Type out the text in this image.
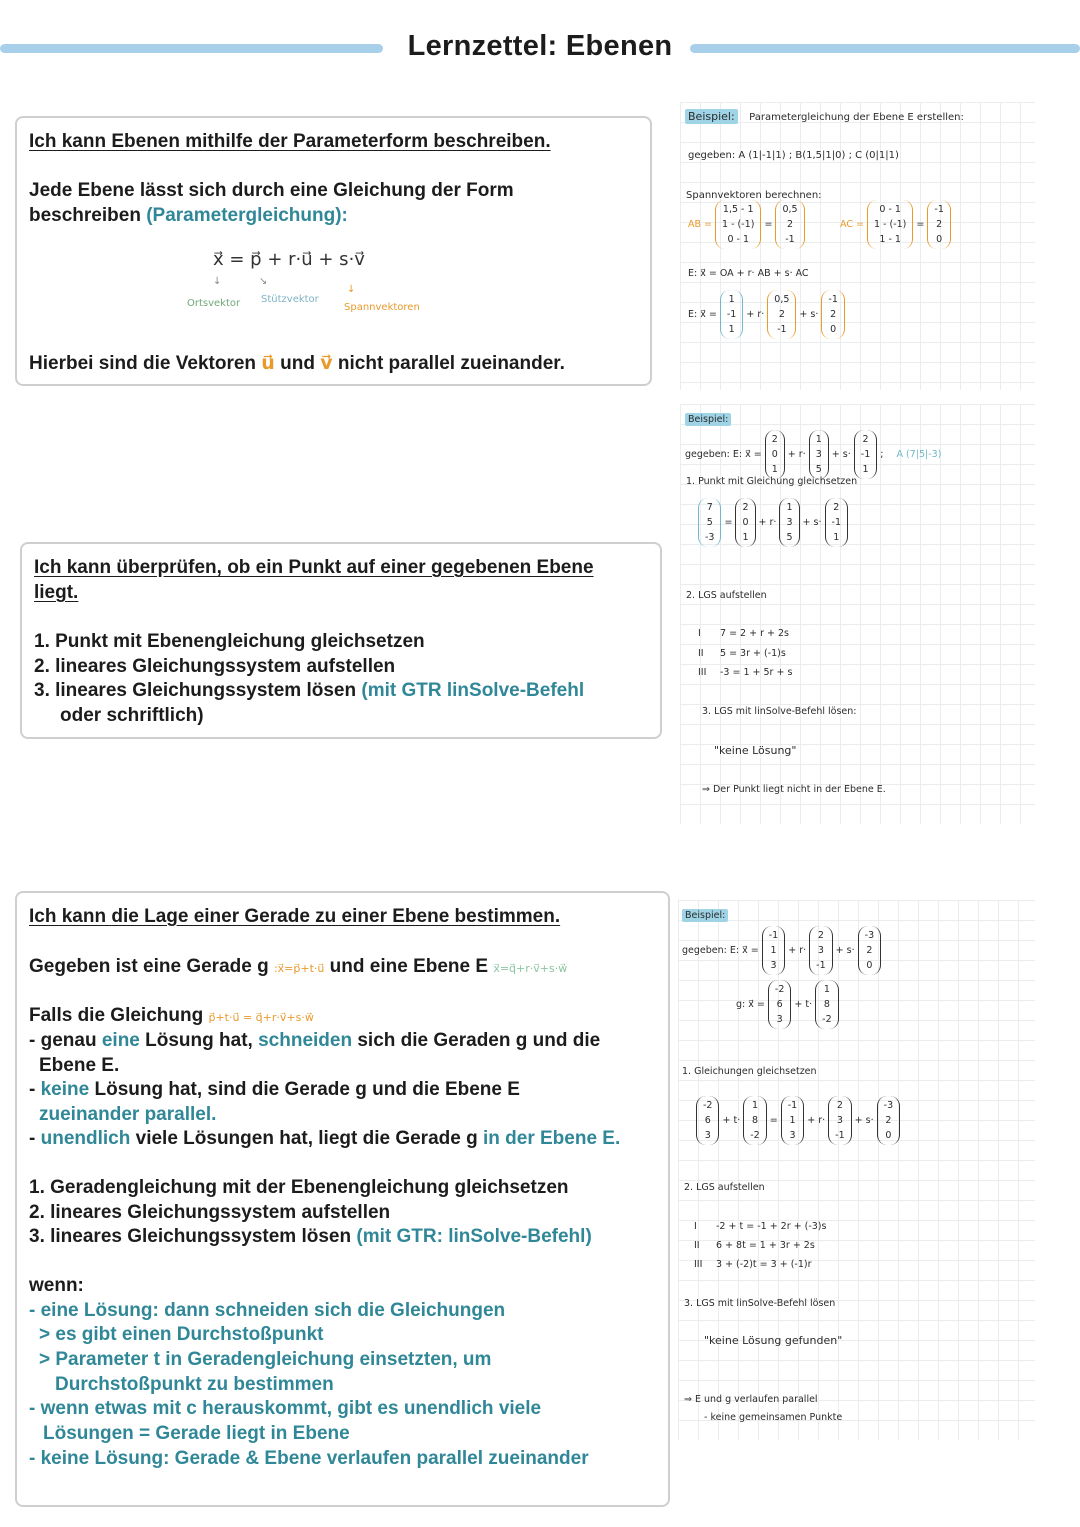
Lernzettel: Ebenen
Ich kann Ebenen mithilfe der Parameterform beschreiben.
Jede Ebene lässt sich durch eine Gleichung der Form
beschreiben (Parametergleichung):
x⃗ = p⃗ + r·u⃗ + s·v⃗
↓	↘
↓
Ortsvektor Stützvektor
Spannvektoren
Hierbei sind die Vektoren u⃗ und v⃗ nicht parallel zueinander.
Ich kann überprüfen, ob ein Punkt auf einer gegebenen Ebene
liegt.
1. Punkt mit Ebenengleichung gleichsetzen
2. lineares Gleichungssystem aufstellen
3. lineares Gleichungssystem lösen (mit GTR linSolve-Befehl
oder schriftlich)
Ich kann die Lage einer Gerade zu einer Ebene bestimmen.
Gegeben ist eine Gerade g :x⃗=p⃗+t·u⃗ und eine Ebene E x⃗=q⃗+r·v⃗+s·w⃗
Falls die Gleichung p⃗+t·u⃗ = q⃗+r·v⃗+s·w⃗
- genau eine Lösung hat, schneiden sich die Geraden g und die
Ebene E.
- keine Lösung hat, sind die Gerade g und die Ebene E
zueinander parallel.
- unendlich viele Lösungen hat, liegt die Gerade g in der Ebene E.
1. Geradengleichung mit der Ebenengleichung gleichsetzen
2. lineares Gleichungssystem aufstellen
3. lineares Gleichungssystem lösen (mit GTR: linSolve-Befehl)
wenn:
- eine Lösung: dann schneiden sich die Gleichungen
> es gibt einen Durchstoßpunkt
> Parameter t in Geradengleichung einsetzten, um
Durchstoßpunkt zu bestimmen
- wenn etwas mit c herauskommt, gibt es unendlich viele
Lösungen = Gerade liegt in Ebene
- keine Lösung: Gerade & Ebene verlaufen parallel zueinander
Beispiel: Parametergleichung der Ebene E erstellen:
gegeben: A (1|-1|1) ; B(1,5|1|0) ; C (0|1|1)
Spannvektoren berechnen:
AB =
1,5 - 1
1 - (-1)
0 - 1
=
0,5
2
-1
AC =
0 - 1
1 - (-1)
1 - 1
=
-1
2
0
E: x⃗ = OA + r· AB + s· AC
E: x⃗ =
1
-1
1
+ r·
0,5
2
-1
+ s·
-1
2
0
Beispiel:
gegeben: E: x⃗ =
2
0
1
+ r·
1
3
5
+ s·
2
-1
1
; A (7|5|-3)
1. Punkt mit Gleichung gleichsetzen
7
5
-3
=
2
0
1
+ r·
1
3
5
+ s·
2
-1
1
2. LGS aufstellen
I 7 = 2 + r + 2s
II 5 = 3r + (-1)s
III -3 = 1 + 5r + s
3. LGS mit linSolve-Befehl lösen:
"keine Lösung"
⇒ Der Punkt liegt nicht in der Ebene E.
Beispiel:
gegeben: E: x⃗ =
-1
1
3
+ r·
2
3
-1
+ s·
-3
2
0
g: x⃗ =
-2
6
3
+ t·
1
8
-2
1. Gleichungen gleichsetzen
-2
6
3
+ t·
1
8
-2
=
-1
1
3
+ r·
2
3
-1
+ s·
-3
2
0
2. LGS aufstellen
I -2 + t = -1 + 2r + (-3)s
II 6 + 8t = 1 + 3r + 2s
III 3 + (-2)t = 3 + (-1)r
3. LGS mit linSolve-Befehl lösen
"keine Lösung gefunden"
⇒ E und g verlaufen parallel
- keine gemeinsamen Punkte
